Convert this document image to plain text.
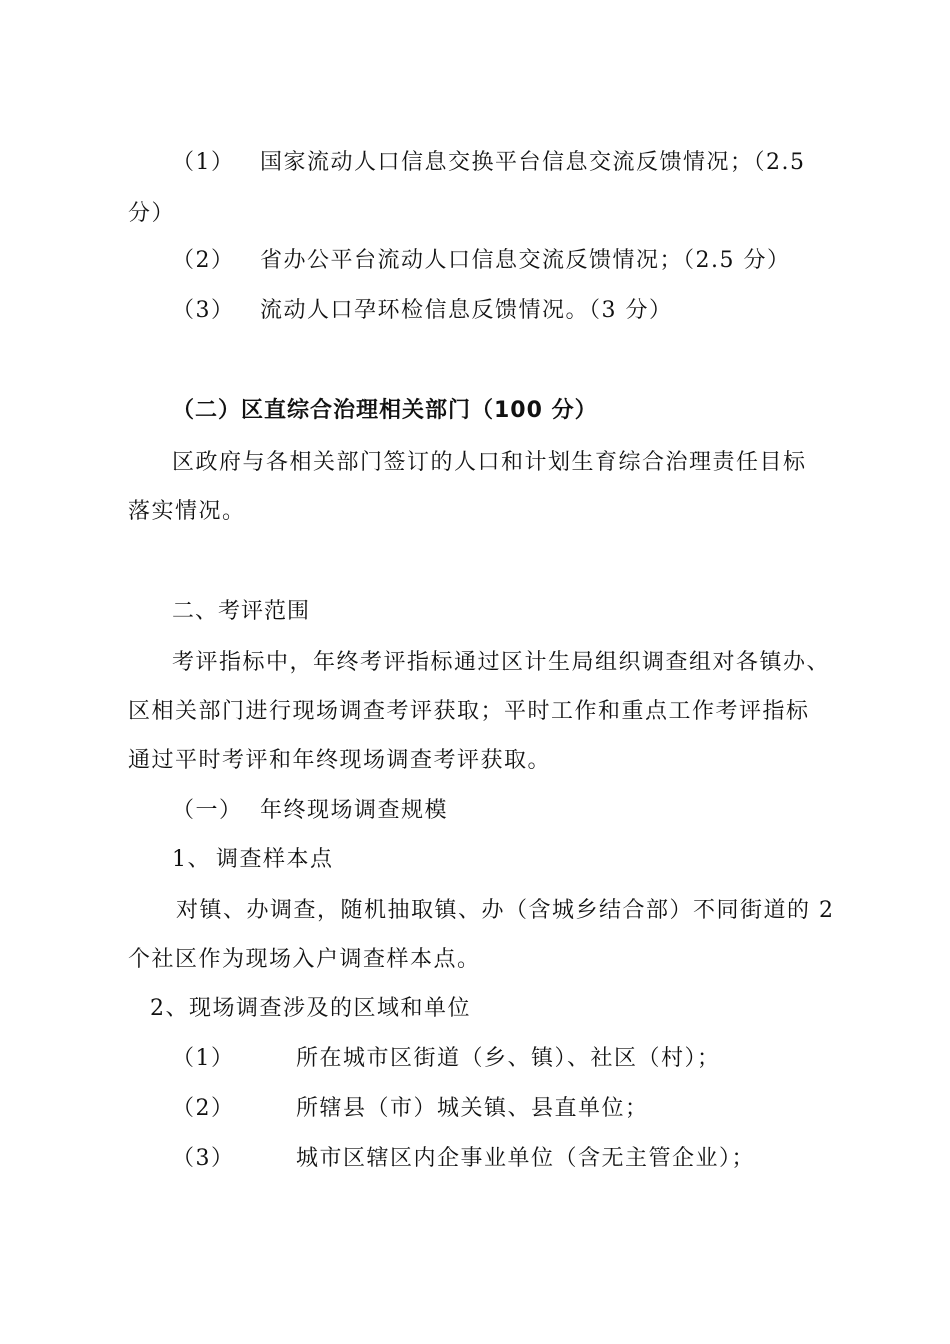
（1） 国家流动人口信息交换平台信息交流反馈情况；（2.5
分）
（2） 省办公平台流动人口信息交流反馈情况；（2.5 分）
（3） 流动人口孕环检信息反馈情况。（3 分）
（二）区直综合治理相关部门（100 分）
区政府与各相关部门签订的人口和计划生育综合治理责任目标
落实情况。
二、考评范围
考评指标中，年终考评指标通过区计生局组织调查组对各镇办、
区相关部门进行现场调查考评获取；平时工作和重点工作考评指标
通过平时考评和年终现场调查考评获取。
（一） 年终现场调查规模
1、 调查样本点
对镇、办调查，随机抽取镇、办（含城乡结合部）不同街道的 2
个社区作为现场入户调查样本点。
2、现场调查涉及的区域和单位
（1）	所在城市区街道（乡、镇）、社区（村）；
（2）	所辖县（市）城关镇、县直单位；
（3）	城市区辖区内企事业单位（含无主管企业）；
